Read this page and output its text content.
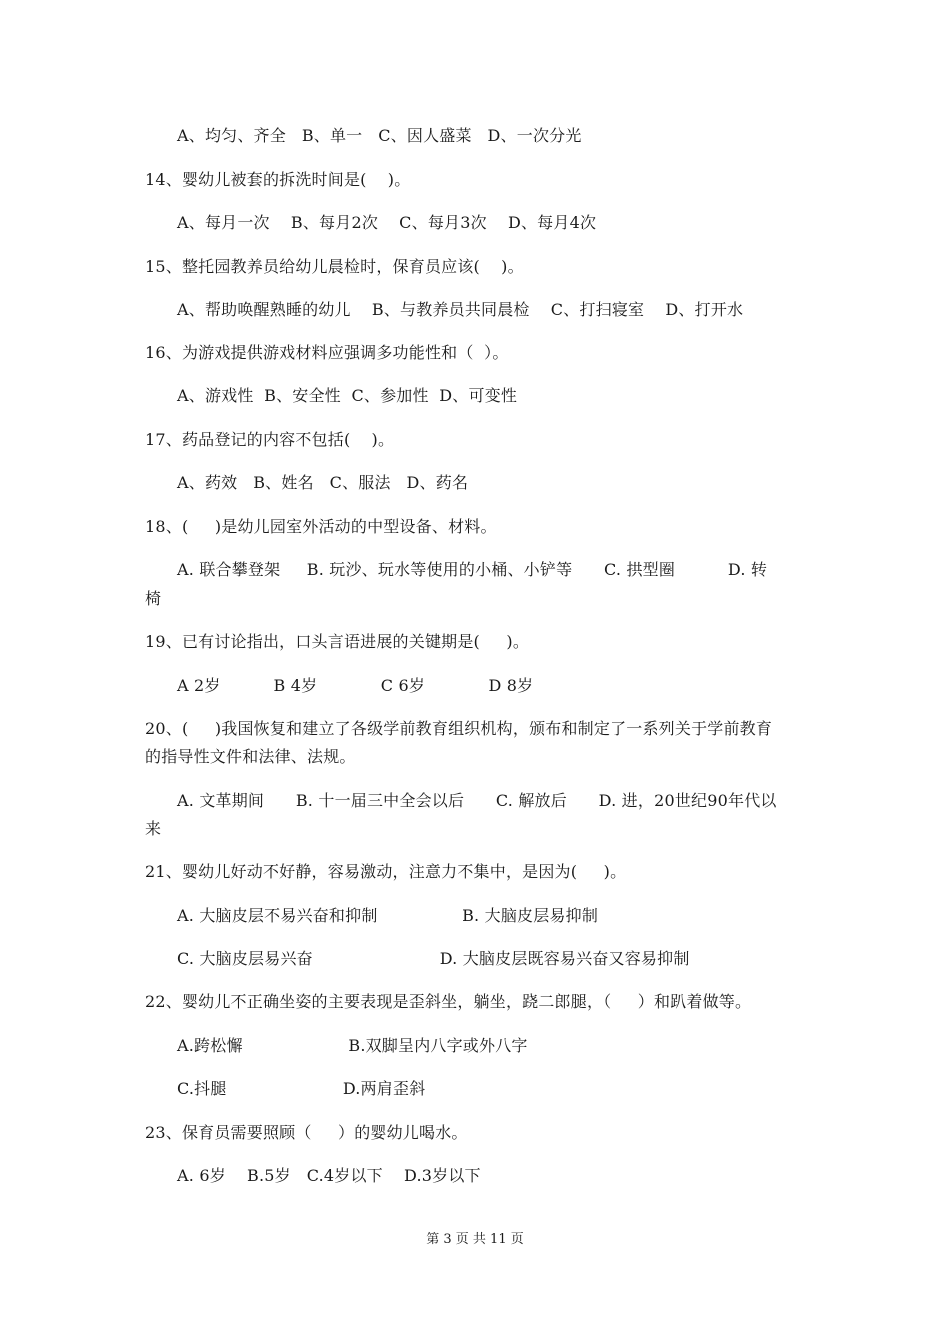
A、均匀、齐全   B、单一   C、因人盛菜   D、一次分光
14、婴幼儿被套的拆洗时间是(    )。
A、每月一次    B、每月2次    C、每月3次    D、每月4次
15、整托园教养员给幼儿晨检时，保育员应该(    )。
A、帮助唤醒熟睡的幼儿    B、与教养员共同晨检    C、打扫寝室    D、打开水
16、为游戏提供游戏材料应强调多功能性和（  ）。
A、游戏性  B、安全性  C、参加性  D、可变性
17、药品登记的内容不包括(    )。
A、药效   B、姓名   C、服法   D、药名
18、(     )是幼儿园室外活动的中型设备、材料。
A. 联合攀登架     B. 玩沙、玩水等使用的小桶、小铲等      C. 拱型圈          D. 转
椅
19、已有讨论指出，口头言语进展的关键期是(     )。
A 2岁          B 4岁            C 6岁            D 8岁
20、(     )我国恢复和建立了各级学前教育组织机构，颁布和制定了一系列关于学前教育
的指导性文件和法律、法规。
A. 文革期间      B. 十一届三中全会以后      C. 解放后      D. 进，20世纪90年代以
来
21、婴幼儿好动不好静，容易激动，注意力不集中，是因为(     )。
A. 大脑皮层不易兴奋和抑制                B. 大脑皮层易抑制
C. 大脑皮层易兴奋                        D. 大脑皮层既容易兴奋又容易抑制
22、婴幼儿不正确坐姿的主要表现是歪斜坐，躺坐，跷二郎腿，（     ）和趴着做等。
A.跨松懈                    B.双脚呈内八字或外八字
C.抖腿                      D.两肩歪斜
23、保育员需要照顾（     ）的婴幼儿喝水。
A. 6岁    B.5岁   C.4岁以下    D.3岁以下
第 3 页 共 11 页
